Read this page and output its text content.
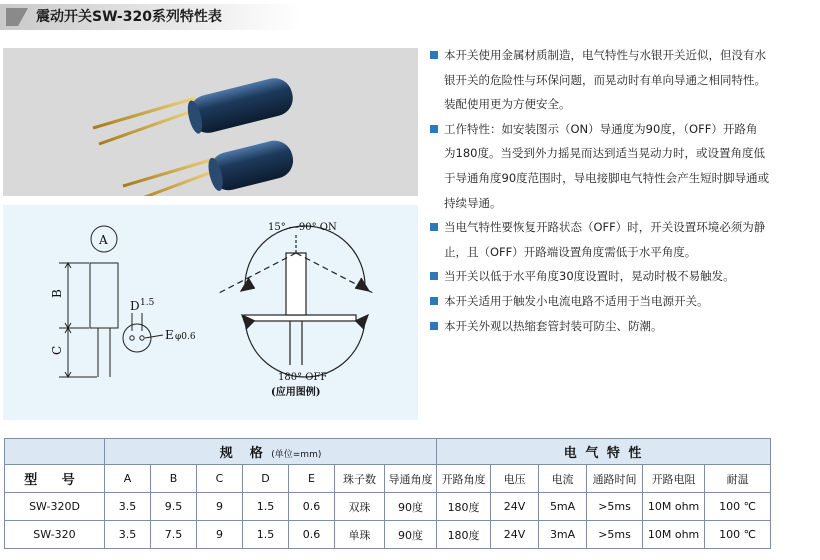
震动开关SW-320系列特性表
A
B
C
D 1.5
E φ0.6
15° —90° ON
180° OFF
(应用图例)
本开关使用金属材质制造，电气特性与水银开关近似，但没有水
银开关的危险性与环保问题，而晃动时有单向导通之相同特性。
装配使用更为方便安全。
工作特性：如安装图示（ON）导通度为90度，（OFF）开路角
为180度。当受到外力摇晃而达到适当晃动力时，或设置角度低
于导通角度90度范围时，导电接脚电气特性会产生短时脚导通或
持续导通。
当电气特性要恢复开路状态（OFF）时，开关设置环境必须为静
止，且（OFF）开路端设置角度需低于水平角度。
当开关以低于水平角度30度设置时，晃动时极不易触发。
本开关适用于触发小电流电路不适用于当电源开关。
本开关外观以热缩套管封装可防尘、防潮。
	规　格 (单位=mm)							电 气 特 性					
型 号	A	B	C	D	E	珠子数	导通角度	开路角度	电压	电流	通路时间	开路电阻	耐温
SW-320D	3.5	9.5	9	1.5	0.6	双珠	90度	180度	24V	5mA	>5ms	10M ohm	100 ℃
SW-320	3.5	7.5	9	1.5	0.6	单珠	90度	180度	24V	3mA	>5ms	10M ohm	100 ℃
